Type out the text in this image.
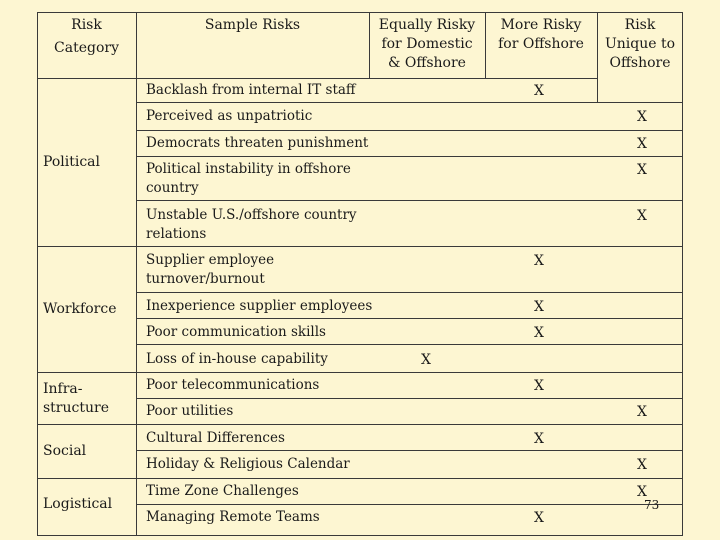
Risk
Category
Sample Risks	Equally Risky
for Domestic
& Offshore
More Risky
for Offshore
Risk
Unique to
Offshore
Political
Workforce
Infra-
structure
Social
Logistical
Backlash from internal IT staff
Perceived as unpatriotic
Democrats threaten punishment
Political instability in offshore
country
Unstable U.S./offshore country
relations
Supplier employee
turnover/burnout
Inexperience supplier employees
Poor communication skills
Loss of in-house capability
Poor telecommunications
Poor utilities
Cultural Differences
Holiday & Religious Calendar
Time Zone Challenges
Managing Remote Teams
X
X
X
X
X
X
X
X
X
X
X
X
X
X
X
73
